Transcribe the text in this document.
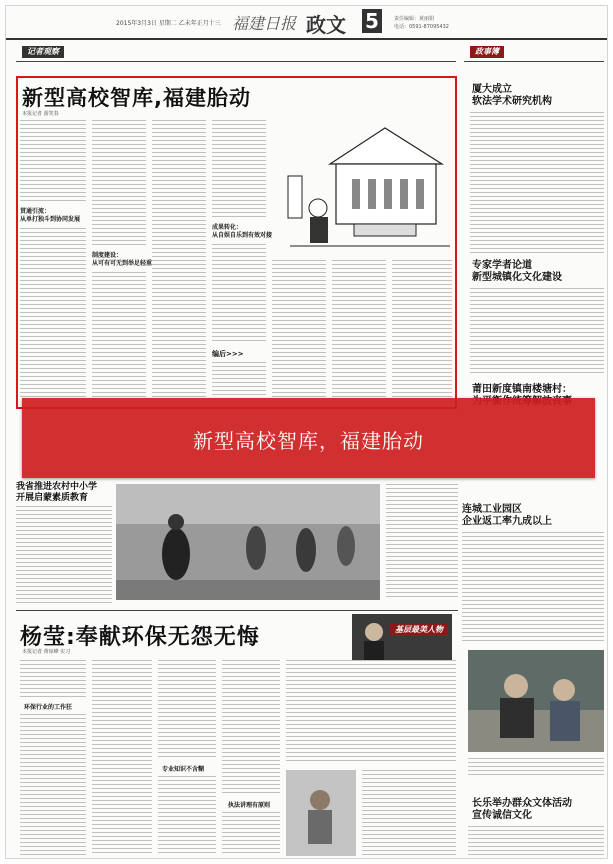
2015年3月3日 星期二 乙未年正月十三 福建日报 政文 5	责任编辑：黄丽娟
电话：0591-87095432
记者观察
新型高校智库,福建胎动
本报记者 游笑春
贯通引流：
从单打独斗到协同发展
制度建设：
从可有可无到举足轻重
成果转化：
从自娱自乐到有效对接
编后>>>
政事簿
厦大成立
软法学术研究机构
专家学者论道
新型城镇化文化建设
莆田新度镇南楼塘村：
连城工业园区
企业返工率九成以上
长乐举办群众文体活动
宣传诚信文化
我省推进农村中小学
开展启蒙素质教育
杨莹:奉献环保无怨无悔
本报记者 黄琼峰 实习
基层最美人物
环保行业的工作狂
专业知识不含糊
执法讲理有原则
新型高校智库，福建胎动
